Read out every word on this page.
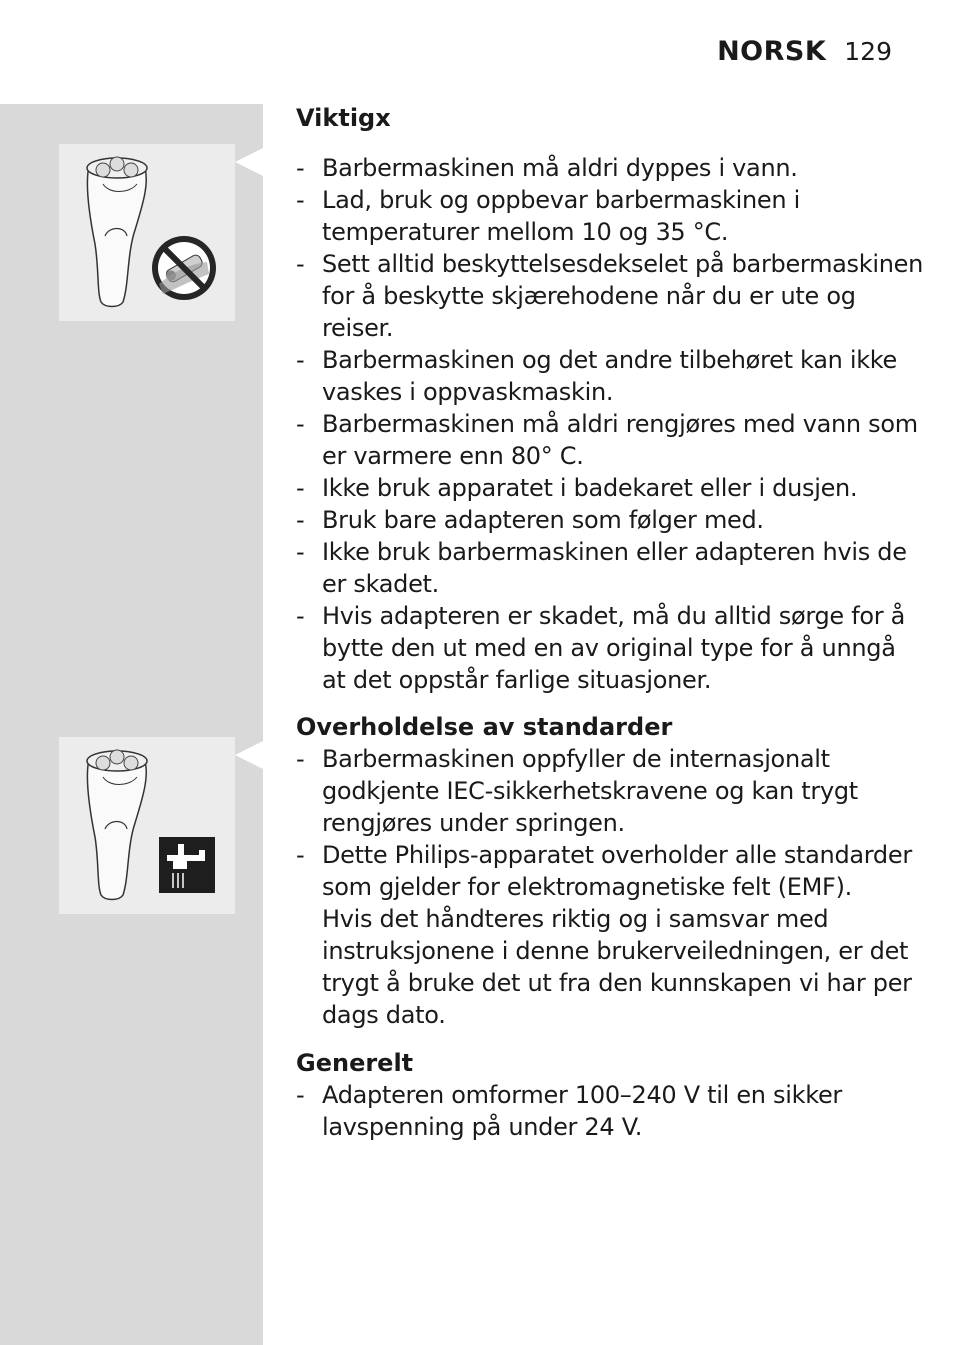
NORSK 129
Viktigx
- Barbermaskinen må aldri dyppes i vann.
- Lad, bruk og oppbevar barbermaskinen i
temperaturer mellom 10 og 35 °C.
- Sett alltid beskyttelsesdekselet på barbermaskinen
for å beskytte skjærehodene når du er ute og
reiser.
- Barbermaskinen og det andre tilbehøret kan ikke
vaskes i oppvaskmaskin.
- Barbermaskinen må aldri rengjøres med vann som
er varmere enn 80° C.
- Ikke bruk apparatet i badekaret eller i dusjen.
- Bruk bare adapteren som følger med.
- Ikke bruk barbermaskinen eller adapteren hvis de
er skadet.
- Hvis adapteren er skadet, må du alltid sørge for å
bytte den ut med en av original type for å unngå
at det oppstår farlige situasjoner.
Overholdelse av standarder
- Barbermaskinen oppfyller de internasjonalt
godkjente IEC-sikkerhetskravene og kan trygt
rengjøres under springen.
- Dette Philips-apparatet overholder alle standarder
som gjelder for elektromagnetiske felt (EMF).
Hvis det håndteres riktig og i samsvar med
instruksjonene i denne brukerveiledningen, er det
trygt å bruke det ut fra den kunnskapen vi har per
dags dato.
Generelt
- Adapteren omformer 100–240 V til en sikker
lavspenning på under 24 V.
